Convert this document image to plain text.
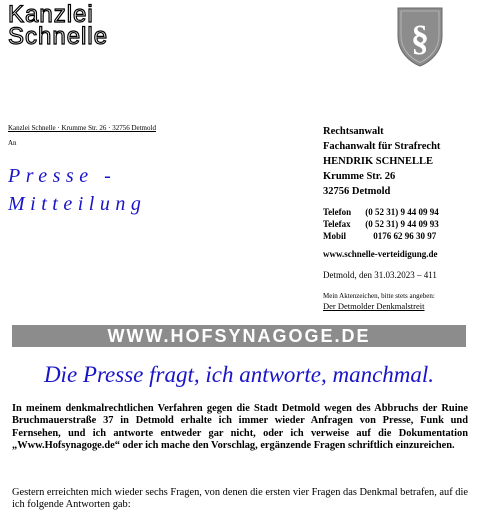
Kanzlei
Schnelle	§
Kanzlei Schnelle · Krumme Str. 26 · 32756 Detmold
An
Presse -
Mitteilung
Rechtsanwalt
Fachanwalt für Strafrecht
HENDRIK SCHNELLE
Krumme Str. 26
32756 Detmold
Telefon (0 52 31) 9 44 09 94
Telefax (0 52 31) 9 44 09 93
Mobil	0176 62 96 30 97
www.schnelle-verteidigung.de
Detmold, den 31.03.2023 – 411
Mein Aktenzeichen, bitte stets angeben:
Der Detmolder Denkmalstreit
WWW.HOFSYNAGOGE.DE
Die Presse fragt, ich antworte, manchmal.
In meinem denkmalrechtlichen Verfahren gegen die Stadt Detmold wegen des Abbruchs der Ruine Bruchmauerstraße 37 in Detmold erhalte ich immer wieder Anfragen von Presse, Funk und Fernsehen, und ich antworte entweder gar nicht, oder ich verweise auf die Dokumentation „Www.Hofsynagoge.de“ oder ich mache den Vorschlag, ergänzende Fragen schriftlich einzureichen.
Gestern erreichten mich wieder sechs Fragen, von denen die ersten vier Fragen das Denkmal betrafen, auf die ich folgende Antworten gab:
